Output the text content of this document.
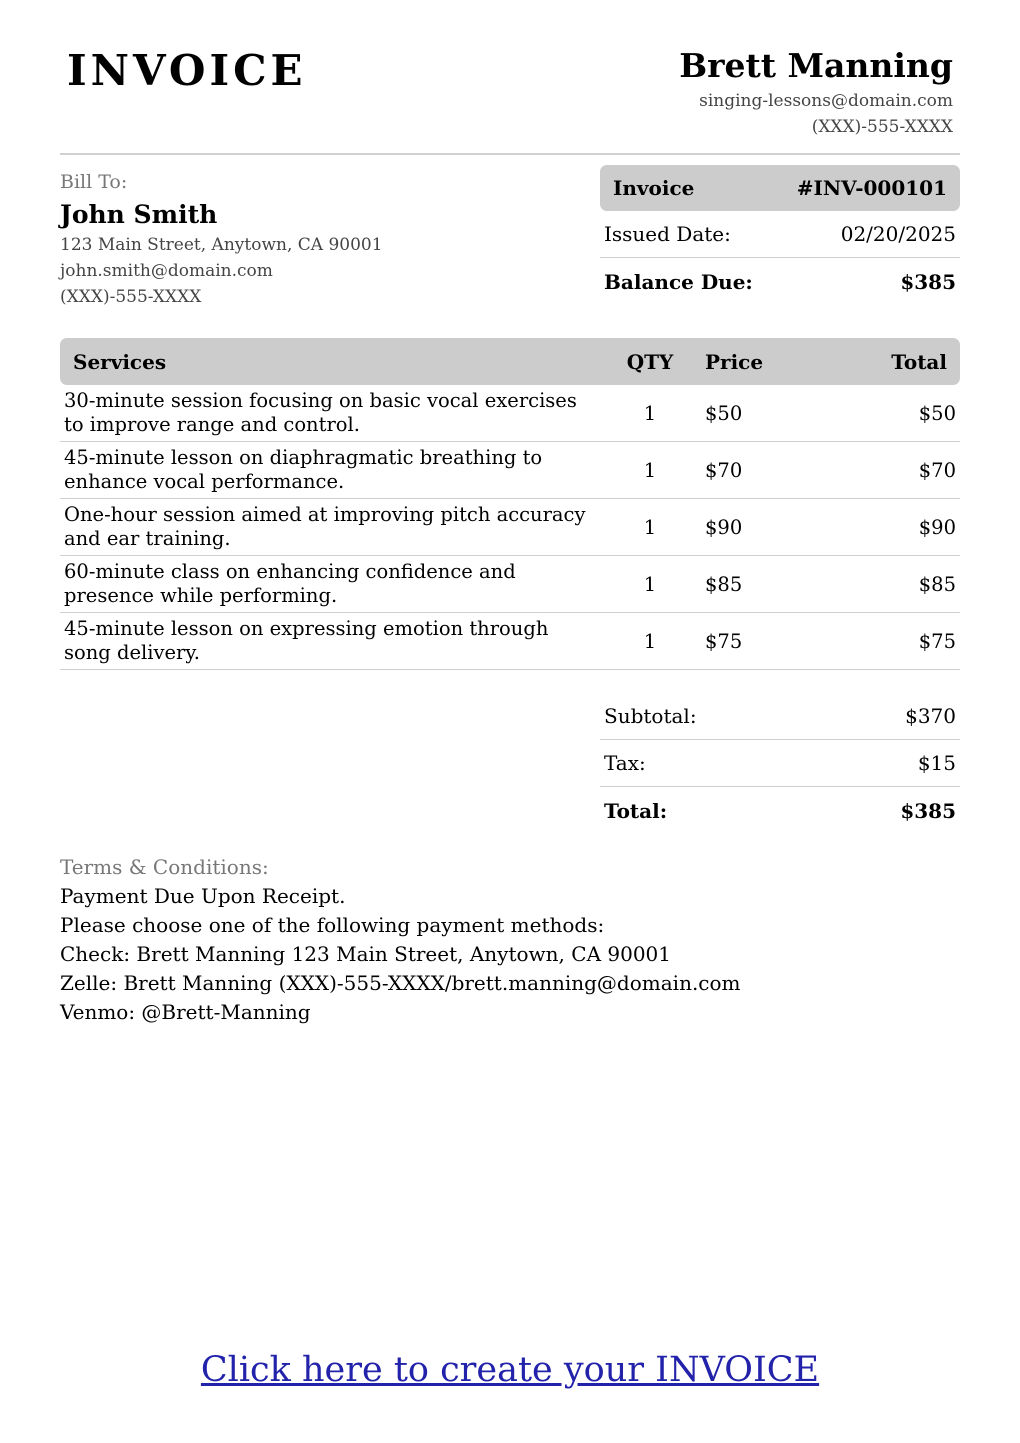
INVOICE	Brett Manning
singing-lessons@domain.com
(XXX)-555-XXXX
Bill To:
John Smith
123 Main Street, Anytown, CA 90001
john.smith@domain.com
(XXX)-555-XXXX
Invoice	#INV-000101
Issued Date:	02/20/2025
Balance Due:	$385
Services	QTY	Price	Total
30-minute session focusing on basic vocal exercises to improve range and control.	1	$50	$50
45-minute lesson on diaphragmatic breathing to enhance vocal performance.	1	$70	$70
One-hour session aimed at improving pitch accuracy and ear training.	1	$90	$90
60-minute class on enhancing confidence and presence while performing.	1	$85	$85
45-minute lesson on expressing emotion through song delivery.	1	$75	$75
Subtotal:	$370
Tax:	$15
Total:	$385
Terms & Conditions:
Payment Due Upon Receipt.
Please choose one of the following payment methods:
Check: Brett Manning 123 Main Street, Anytown, CA 90001
Zelle: Brett Manning (XXX)-555-XXXX/brett.manning@domain.com
Venmo: @Brett-Manning
Click here to create your INVOICE
